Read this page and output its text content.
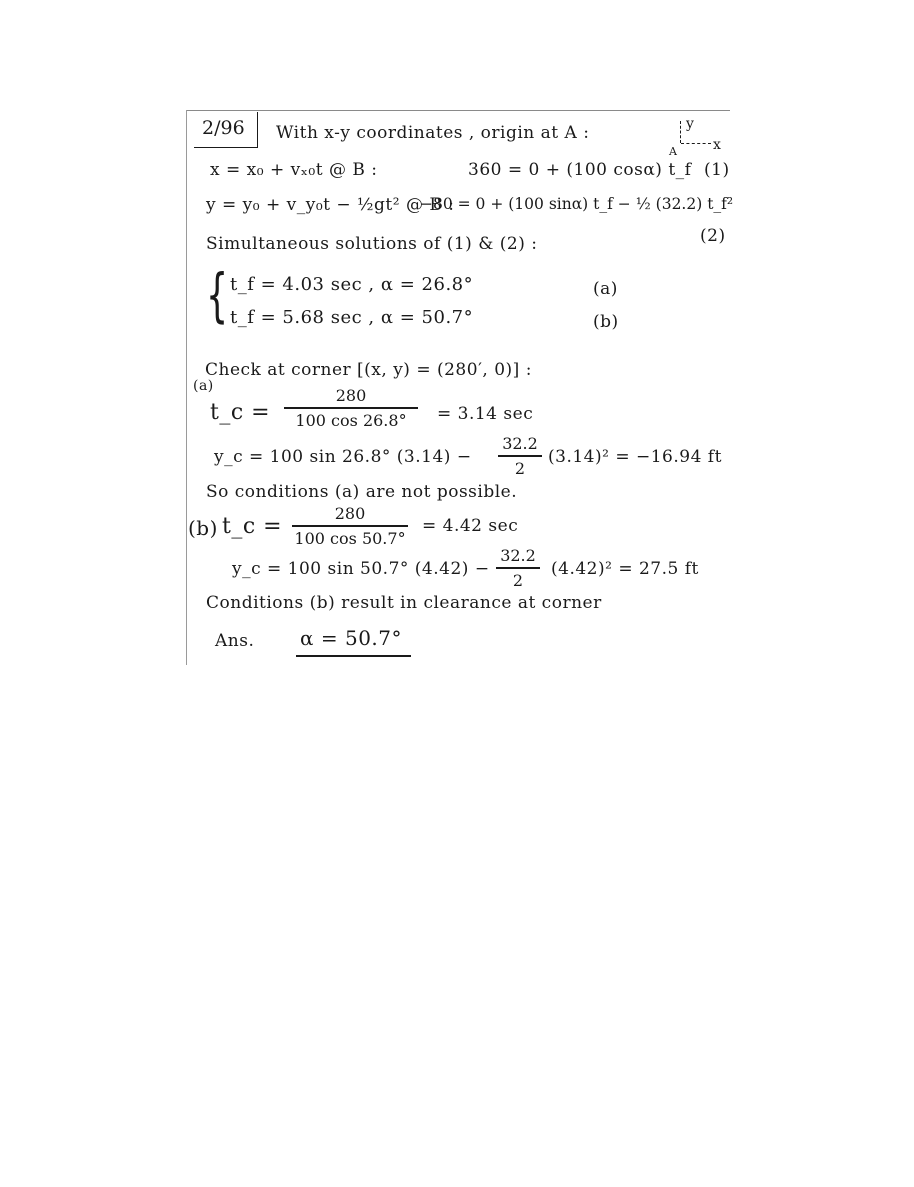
2/96 With x-y coordinates , origin at A :	y
x
A
x = x₀ + vₓ₀t @ B :	360 = 0 + (100 cosα) t_f (1)
y = y₀ + v_y₀t − ½gt² @ B :
−80 = 0 + (100 sinα) t_f − ½ (32.2) t_f²
(2)
Simultaneous solutions of (1) & (2) :
{ t_f = 4.03 sec , α = 26.8°	(a)
t_f = 5.68 sec , α = 50.7°	(b)
Check at corner [(x, y) = (280′, 0)] :
(a)
t_c =
280
100 cos 26.8°	= 3.14 sec
y_c = 100 sin 26.8° (3.14) −
32.2
2
(3.14)² = −16.94 ft
So conditions (a) are not possible.
(b) t_c =
280
100 cos 50.7°
= 4.42 sec
y_c = 100 sin 50.7° (4.42) −
32.2
2
(4.42)² = 27.5 ft
Conditions (b) result in clearance at corner
Ans. α = 50.7°
